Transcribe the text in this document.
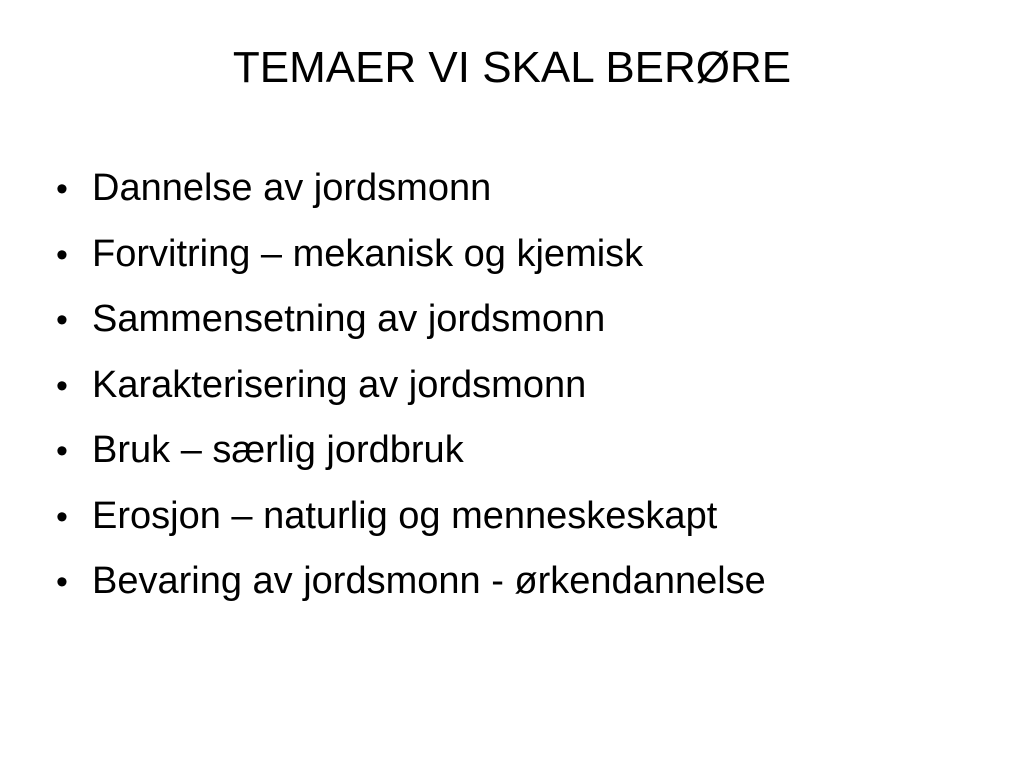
TEMAER VI SKAL BERØRE
• Dannelse av jordsmonn
• Forvitring – mekanisk og kjemisk
• Sammensetning av jordsmonn
• Karakterisering av jordsmonn
• Bruk – særlig jordbruk
• Erosjon – naturlig og menneskeskapt
• Bevaring av jordsmonn - ørkendannelse
